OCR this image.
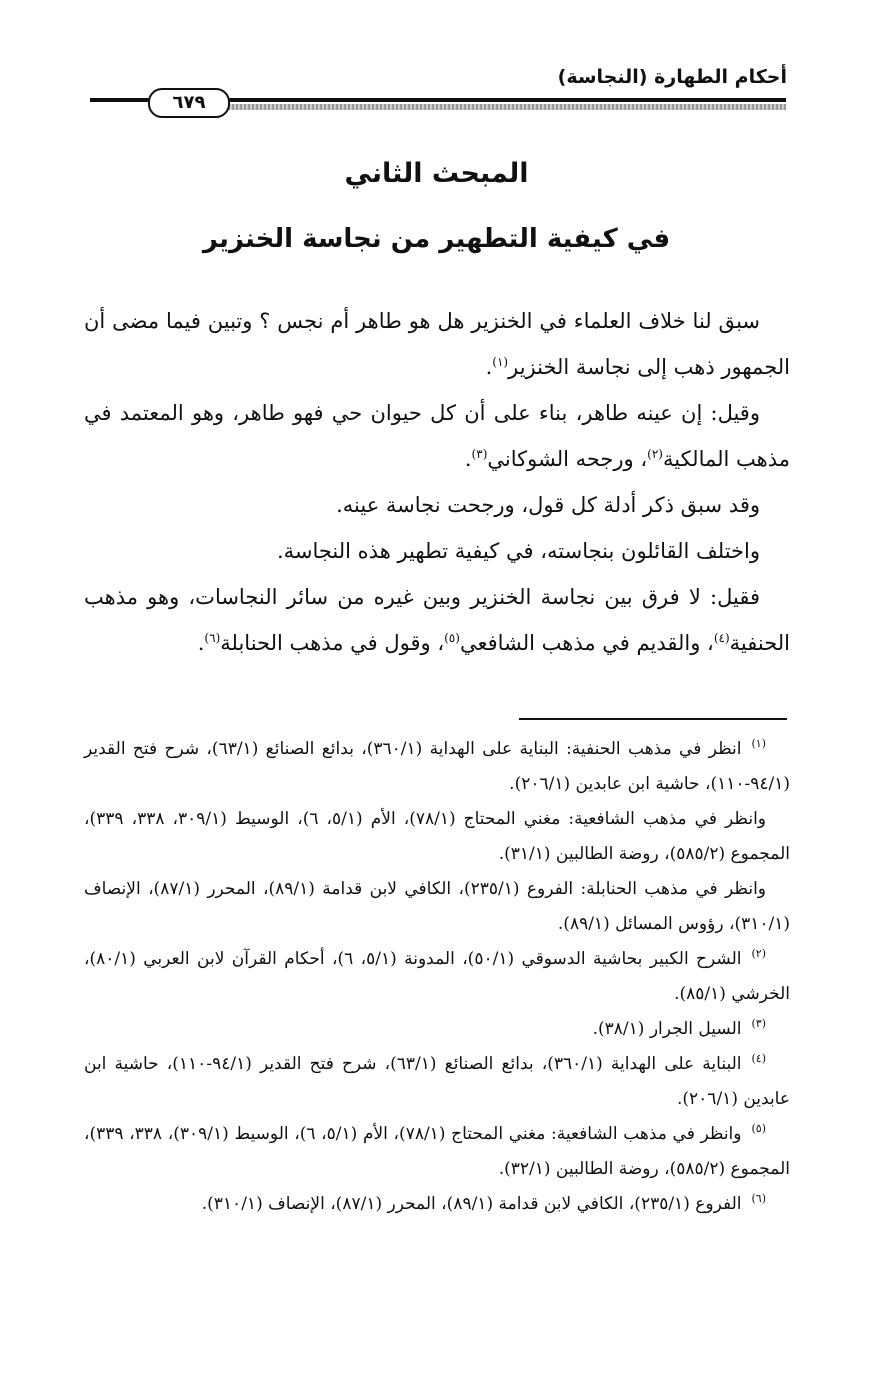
أحكام الطهارة (النجاسة)
٦٧٩
المبحث الثاني
في كيفية التطهير من نجاسة الخنزير

سبق لنا خلاف العلماء في الخنزير هل هو طاهر أم نجس ؟ وتبين فيما مضى أن الجمهور ذهب إلى نجاسة الخنزير$^{(١)}$.

وقيل: إن عينه طاهر، بناء على أن كل حيوان حي فهو طاهر، وهو المعتمد في مذهب المالكية$^{(٢)}$، ورجحه الشوكاني$^{(٣)}$.

وقد سبق ذكر أدلة كل قول، ورجحت نجاسة عينه.

واختلف القائلون بنجاسته، في كيفية تطهير هذه النجاسة.

فقيل: لا فرق بين نجاسة الخنزير وبين غيره من سائر النجاسات، وهو مذهب الحنفية$^{(٤)}$، والقديم في مذهب الشافعي$^{(٥)}$، وقول في مذهب الحنابلة$^{(٦)}$.

$^{(١)}$انظر في مذهب الحنفية: البناية على الهداية (٣٦٠/١)، بدائع الصنائع (٦٣/١)، شرح فتح القدير (٩٤/١-١١٠)، حاشية ابن عابدين (٢٠٦/١).

وانظر في مذهب الشافعية: مغني المحتاج (٧٨/١)، الأم (٥/١، ٦)، الوسيط (٣٠٩/١، ٣٣٨، ٣٣٩)، المجموع (٥٨٥/٢)، روضة الطالبين (٣١/١).

وانظر في مذهب الحنابلة: الفروع (٢٣٥/١)، الكافي لابن قدامة (٨٩/١)، المحرر (٨٧/١)، الإنصاف (٣١٠/١)، رؤوس المسائل (٨٩/١).

$^{(٢)}$الشرح الكبير بحاشية الدسوقي (٥٠/١)، المدونة (٥/١، ٦)، أحكام القرآن لابن العربي (٨٠/١)، الخرشي (٨٥/١).

$^{(٣)}$السيل الجرار (٣٨/١).

$^{(٤)}$البناية على الهداية (٣٦٠/١)، بدائع الصنائع (٦٣/١)، شرح فتح القدير (٩٤/١-١١٠)، حاشية ابن عابدين (٢٠٦/١).

$^{(٥)}$وانظر في مذهب الشافعية: مغني المحتاج (٧٨/١)، الأم (٥/١، ٦)، الوسيط (٣٠٩/١)، ٣٣٨، ٣٣٩)، المجموع (٥٨٥/٢)، روضة الطالبين (٣٢/١).

$^{(٦)}$الفروع (٢٣٥/١)، الكافي لابن قدامة (٨٩/١)، المحرر (٨٧/١)، الإنصاف (٣١٠/١).
